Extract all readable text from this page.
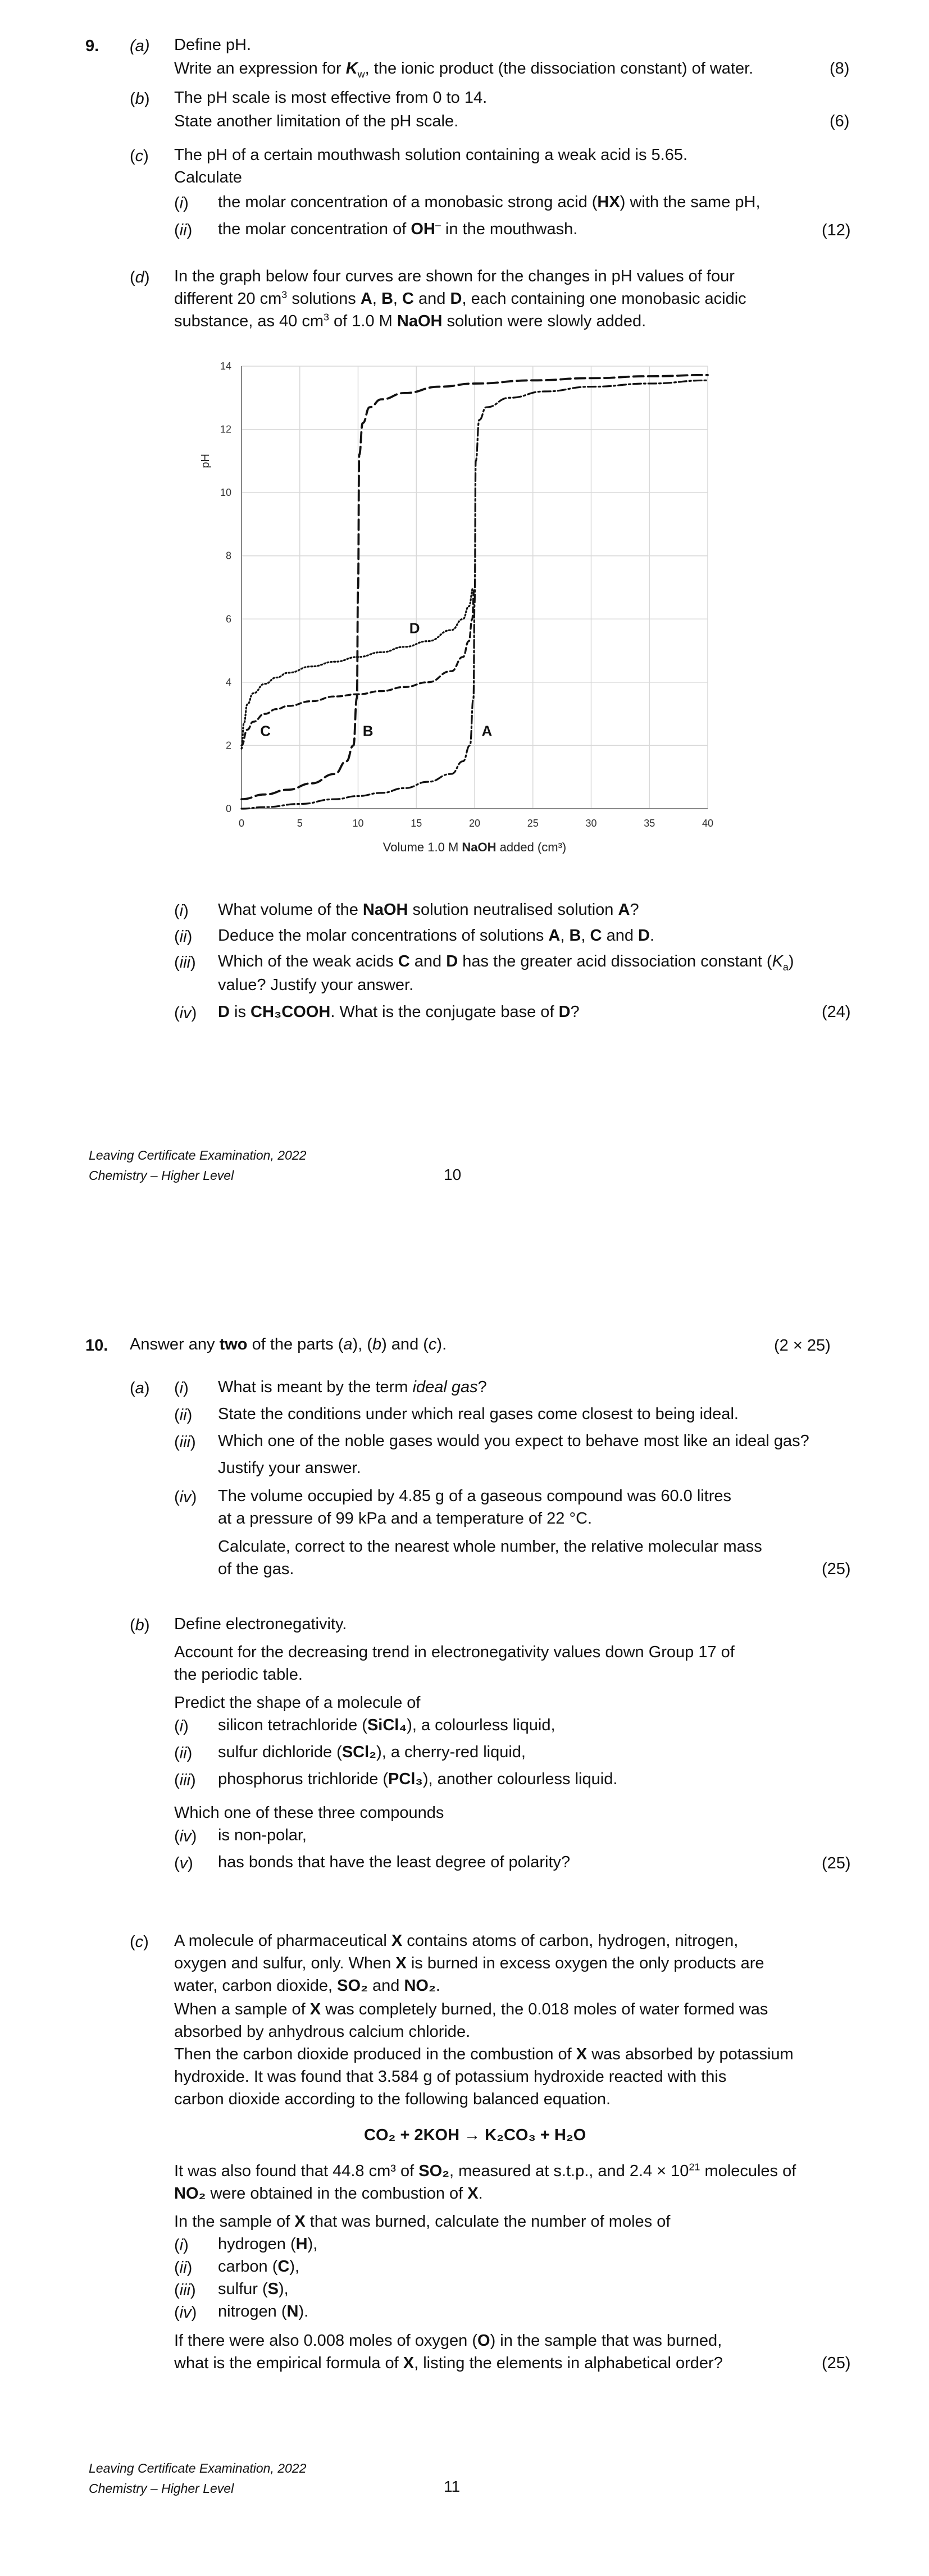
9. (a) Define pH.
Write an expression for $K_w$, the ionic product (the dissociation constant) of water.	(8)
(b) The pH scale is most effective from 0 to 14.
State another limitation of the pH scale.	(6)
(c) The pH of a certain mouthwash solution containing a weak acid is 5.65.
Calculate
(i) the molar concentration of a monobasic strong acid (HX) with the same pH,
(ii) the molar concentration of OH– in the mouthwash.	(12)
(d) In the graph below four curves are shown for the changes in pH values of four
different 20 $cm^3$ solutions A, B, C and D, each containing one monobasic acidic
substance, as 40 $cm^3$ of 1.0 M NaOH solution were slowly added.
0	5	10	15	20	25	30	35	40
0
2
4
6
8
10
12
14
Volume 1.0 M NaOH added (cm³)
pH
A
B
C
D
(i) What volume of the NaOH solution neutralised solution A?
(ii) Deduce the molar concentrations of solutions A, B, C and D.
(iii) Which of the weak acids C and D has the greater acid dissociation constant $(K_a)$
value? Justify your answer.
(iv) D is CH₃COOH. What is the conjugate base of D?	(24)
Leaving Certificate Examination, 2022
Chemistry – Higher Level	10
10. Answer any two of the parts (a), (b) and (c).	(2 × 25)
(a) (i) What is meant by the term ideal gas?
(ii) State the conditions under which real gases come closest to being ideal.
(iii) Which one of the noble gases would you expect to behave most like an ideal gas?
Justify your answer.
(iv) The volume occupied by 4.85 g of a gaseous compound was 60.0 litres
at a pressure of 99 kPa and a temperature of 22 °C.
Calculate, correct to the nearest whole number, the relative molecular mass
of the gas.	(25)
(b) Define electronegativity.
Account for the decreasing trend in electronegativity values down Group 17 of
the periodic table.
Predict the shape of a molecule of
(i) silicon tetrachloride (SiCl₄), a colourless liquid,
(ii) sulfur dichloride (SCl₂), a cherry-red liquid,
(iii) phosphorus trichloride (PCl₃), another colourless liquid.
Which one of these three compounds
(iv) is non-polar,
(v) has bonds that have the least degree of polarity?	(25)
(c) A molecule of pharmaceutical X contains atoms of carbon, hydrogen, nitrogen,
oxygen and sulfur, only. When X is burned in excess oxygen the only products are
water, carbon dioxide, SO₂ and NO₂.
When a sample of X was completely burned, the 0.018 moles of water formed was
absorbed by anhydrous calcium chloride.
Then the carbon dioxide produced in the combustion of X was absorbed by potassium
hydroxide. It was found that 3.584 g of potassium hydroxide reacted with this
carbon dioxide according to the following balanced equation.
CO₂ + 2KOH → K₂CO₃ + H₂O
It was also found that 44.8 cm³ of SO₂, measured at s.t.p., and $2.4 \times 10^{21}$ molecules of
NO₂ were obtained in the combustion of X.
In the sample of X that was burned, calculate the number of moles of
(i) hydrogen (H),
(ii) carbon (C),
(iii) sulfur (S),
(iv) nitrogen (N).
If there were also 0.008 moles of oxygen (O) in the sample that was burned,
what is the empirical formula of X, listing the elements in alphabetical order?	(25)
Leaving Certificate Examination, 2022
Chemistry – Higher Level	11
